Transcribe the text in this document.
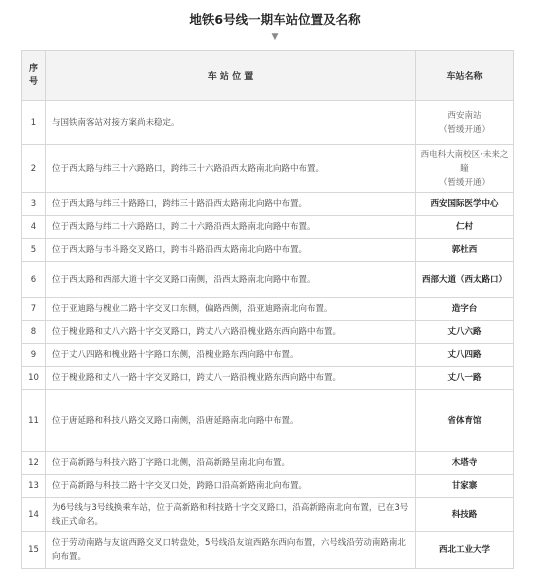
地铁6号线一期车站位置及名称
▼
序
号	车 站 位 置	车站名称
1	与国铁南客站对接方案尚未稳定。	西安南站
（暂缓开通）
2	位于西太路与纬三十六路路口，跨纬三十六路沿西太路南北向路中布置。	西电科大南校区·未来之瞳
（暂缓开通）
3	位于西太路与纬三十路路口，跨纬三十路沿西太路南北向路中布置。	西安国际医学中心
4	位于西太路与纬二十六路路口，跨二十六路沿西太路南北向路中布置。	仁村
5	位于西太路与韦斗路交叉路口，跨韦斗路沿西太路南北向路中布置。	郭杜西
6	位于西太路和西部大道十字交叉路口南侧，沿西太路南北向路中布置。	西部大道（西太路口）
7	位于亚迪路与槐业二路十字交叉口东侧，偏路西侧，沿亚迪路南北向布置。	造字台
8	位于槐业路和丈八六路十字交叉路口，跨丈八六路沿槐业路东西向路中布置。	丈八六路
9	位于丈八四路和槐业路十字路口东侧，沿槐业路东西向路中布置。	丈八四路
10	位于槐业路和丈八一路十字交叉路口，跨丈八一路沿槐业路东西向路中布置。	丈八一路
11	位于唐延路和科技八路交叉路口南侧，沿唐延路南北向路中布置。	省体育馆
12	位于高新路与科技六路丁字路口北侧，沿高新路呈南北向布置。	木塔寺
13	位于高新路与科技二路十字交叉口处，跨路口沿高新路南北向布置。	甘家寨
14	为6号线与3号线换乘车站，位于高新路和科技路十字交叉路口，沿高新路南北向布置，已在3号线正式命名。	科技路
15	位于劳动南路与友谊西路交叉口转盘处，5号线沿友谊西路东西向布置，六号线沿劳动南路南北向布置。	西北工业大学
